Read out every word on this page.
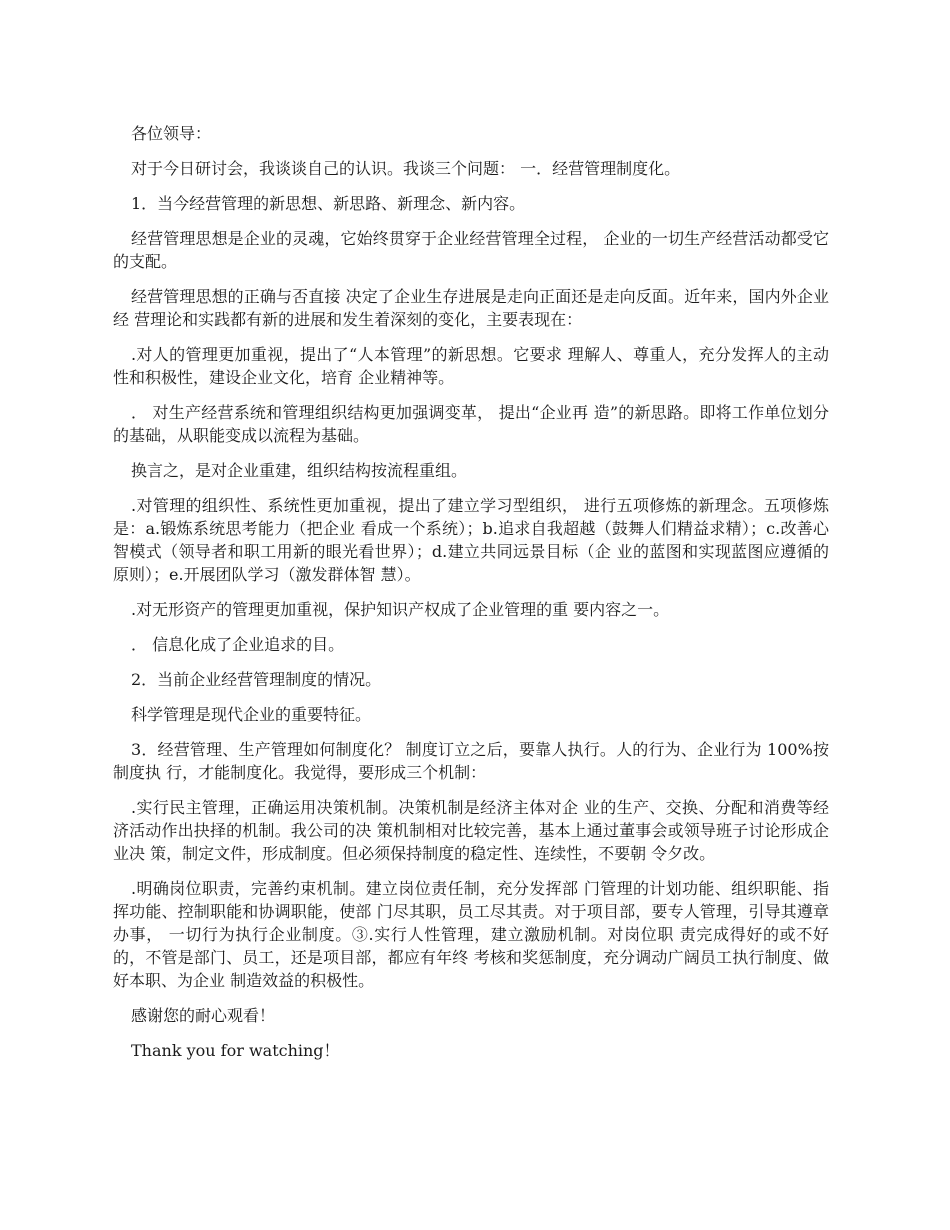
各位领导：

对于今日研讨会，我谈谈自己的认识。我谈三个问题： 一．经营管理制度化。

1．当今经营管理的新思想、新思路、新理念、新内容。

经营管理思想是企业的灵魂，它始终贯穿于企业经营管理全过程， 企业的一切生产经营活动都受它的支配。

经营管理思想的正确与否直接 决定了企业生存进展是走向正面还是走向反面。近年来，国内外企业经 营理论和实践都有新的进展和发生着深刻的变化，主要表现在：

.对人的管理更加重视，提出了“人本管理”的新思想。它要求 理解人、尊重人，充分发挥人的主动性和积极性，建设企业文化，培育 企业精神等。

． 对生产经营系统和管理组织结构更加强调变革， 提出“企业再 造”的新思路。即将工作单位划分的基础，从职能变成以流程为基础。

换言之，是对企业重建，组织结构按流程重组。

.对管理的组织性、系统性更加重视，提出了建立学习型组织， 进行五项修炼的新理念。五项修炼是：a.锻炼系统思考能力（把企业 看成一个系统）；b.追求自我超越（鼓舞人们精益求精）；c.改善心 智模式（领导者和职工用新的眼光看世界）；d.建立共同远景目标（企 业的蓝图和实现蓝图应遵循的原则）；e.开展团队学习（激发群体智 慧）。

.对无形资产的管理更加重视，保护知识产权成了企业管理的重 要内容之一。

． 信息化成了企业追求的目。

2．当前企业经营管理制度的情况。

科学管理是现代企业的重要特征。

3．经营管理、生产管理如何制度化？ 制度订立之后，要靠人执行。人的行为、企业行为 100%按制度执 行，才能制度化。我觉得，要形成三个机制：

.实行民主管理，正确运用决策机制。决策机制是经济主体对企 业的生产、交换、分配和消费等经济活动作出抉择的机制。我公司的决 策机制相对比较完善，基本上通过董事会或领导班子讨论形成企业决 策，制定文件，形成制度。但必须保持制度的稳定性、连续性，不要朝 令夕改。

.明确岗位职责，完善约束机制。建立岗位责任制，充分发挥部 门管理的计划功能、组织职能、指挥功能、控制职能和协调职能，使部 门尽其职，员工尽其责。对于项目部，要专人管理，引导其遵章办事， 一切行为执行企业制度。③.实行人性管理，建立激励机制。对岗位职 责完成得好的或不好的，不管是部门、员工，还是项目部，都应有年终 考核和奖惩制度，充分调动广阔员工执行制度、做好本职、为企业 制造效益的积极性。

感谢您的耐心观看！

Thank you for watching！
